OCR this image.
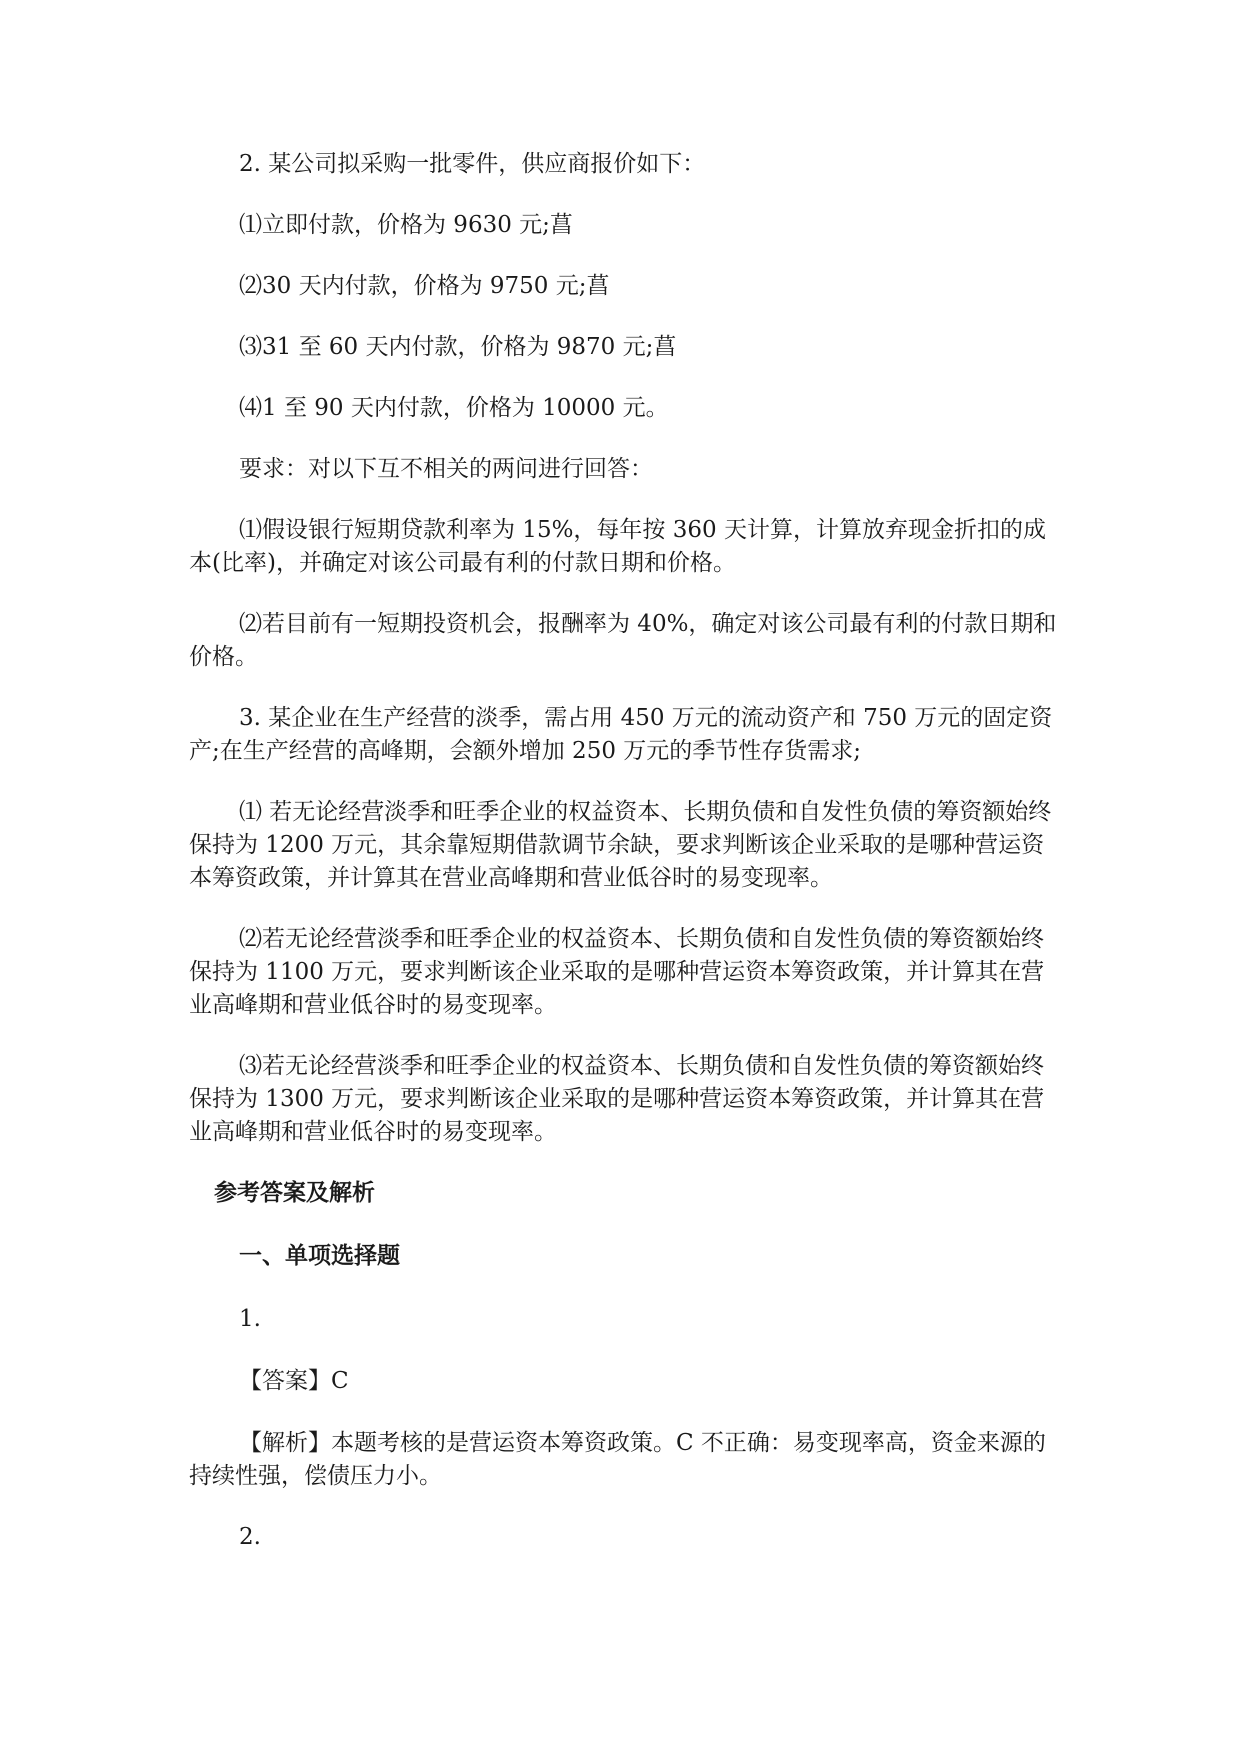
2. 某公司拟采购一批零件，供应商报价如下：

⑴立即付款，价格为 9630 元;菖

⑵30 天内付款，价格为 9750 元;菖

⑶31 至 60 天内付款，价格为 9870 元;菖

⑷1 至 90 天内付款，价格为 10000 元。

要求：对以下互不相关的两问进行回答：

⑴假设银行短期贷款利率为 15%，每年按 360 天计算，计算放弃现金折扣的成本(比率)，并确定对该公司最有利的付款日期和价格。

⑵若目前有一短期投资机会，报酬率为 40%，确定对该公司最有利的付款日期和价格。

3. 某企业在生产经营的淡季，需占用 450 万元的流动资产和 750 万元的固定资产;在生产经营的高峰期，会额外增加 250 万元的季节性存货需求;

⑴ 若无论经营淡季和旺季企业的权益资本、长期负债和自发性负债的筹资额始终保持为 1200 万元，其余靠短期借款调节余缺，要求判断该企业采取的是哪种营运资本筹资政策，并计算其在营业高峰期和营业低谷时的易变现率。

⑵若无论经营淡季和旺季企业的权益资本、长期负债和自发性负债的筹资额始终保持为 1100 万元，要求判断该企业采取的是哪种营运资本筹资政策，并计算其在营业高峰期和营业低谷时的易变现率。

⑶若无论经营淡季和旺季企业的权益资本、长期负债和自发性负债的筹资额始终保持为 1300 万元，要求判断该企业采取的是哪种营运资本筹资政策，并计算其在营业高峰期和营业低谷时的易变现率。

参考答案及解析

一、单项选择题

1.

【答案】C

【解析】本题考核的是营运资本筹资政策。C 不正确：易变现率高，资金来源的持续性强，偿债压力小。

2.
